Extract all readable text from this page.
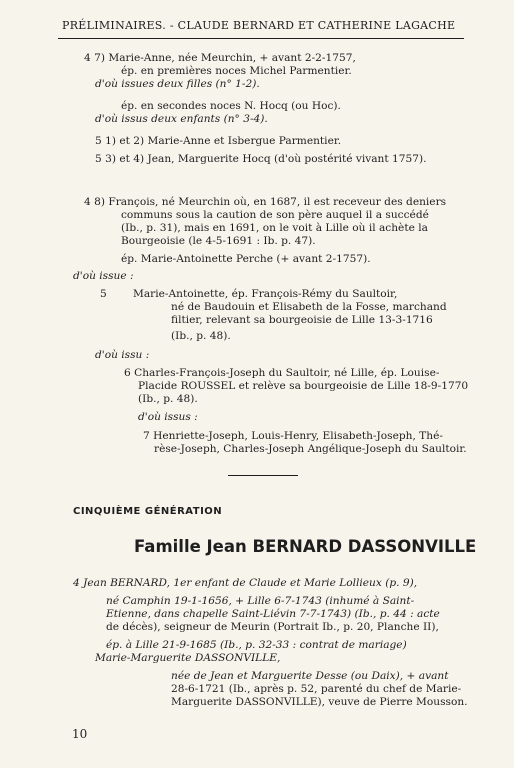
PRÉLIMINAIRES. - CLAUDE BERNARD ET CATHERINE LAGACHE
4 7) Marie-Anne, née Meurchin, + avant 2-2-1757,
ép. en premières noces Michel Parmentier.
d'où issues deux filles (n° 1-2).
ép. en secondes noces N. Hocq (ou Hoc).
d'où issus deux enfants (n° 3-4).
5 1) et 2) Marie-Anne et Isbergue Parmentier.
5 3) et 4) Jean, Marguerite Hocq (d'où postérité vivant 1757).
4 8) François, né Meurchin où, en 1687, il est receveur des deniers
communs sous la caution de son père auquel il a succédé
(Ib., p. 31), mais en 1691, on le voit à Lille où il achète la
Bourgeoisie (le 4-5-1691 : Ib. p. 47).
ép. Marie-Antoinette Perche (+ avant 2-1757).
d'où issue :
5 Marie-Antoinette, ép. François-Rémy du Saultoir,
né de Baudouin et Elisabeth de la Fosse, marchand
filtier, relevant sa bourgeoisie de Lille 13-3-1716
(Ib., p. 48).
d'où issu :
6 Charles-François-Joseph du Saultoir, né Lille, ép. Louise-
Placide ROUSSEL et relève sa bourgeoisie de Lille 18-9-1770
(Ib., p. 48).
d'où issus :
7 Henriette-Joseph, Louis-Henry, Elisabeth-Joseph, Thé-
rèse-Joseph, Charles-Joseph Angélique-Joseph du Saultoir.
CINQUIÈME GÉNÉRATION
Famille Jean BERNARD DASSONVILLE
4 Jean BERNARD, 1er enfant de Claude et Marie Lollieux (p. 9),
né Camphin 19-1-1656, + Lille 6-7-1743 (inhumé à Saint-
Etienne, dans chapelle Saint-Liévin 7-7-1743) (Ib., p. 44 : acte
de décès), seigneur de Meurin (Portrait Ib., p. 20, Planche II),
ép. à Lille 21-9-1685 (Ib., p. 32-33 : contrat de mariage)
Marie-Marguerite DASSONVILLE,
née de Jean et Marguerite Desse (ou Daix), + avant
28-6-1721 (Ib., après p. 52, parenté du chef de Marie-
Marguerite DASSONVILLE), veuve de Pierre Mousson.
10
